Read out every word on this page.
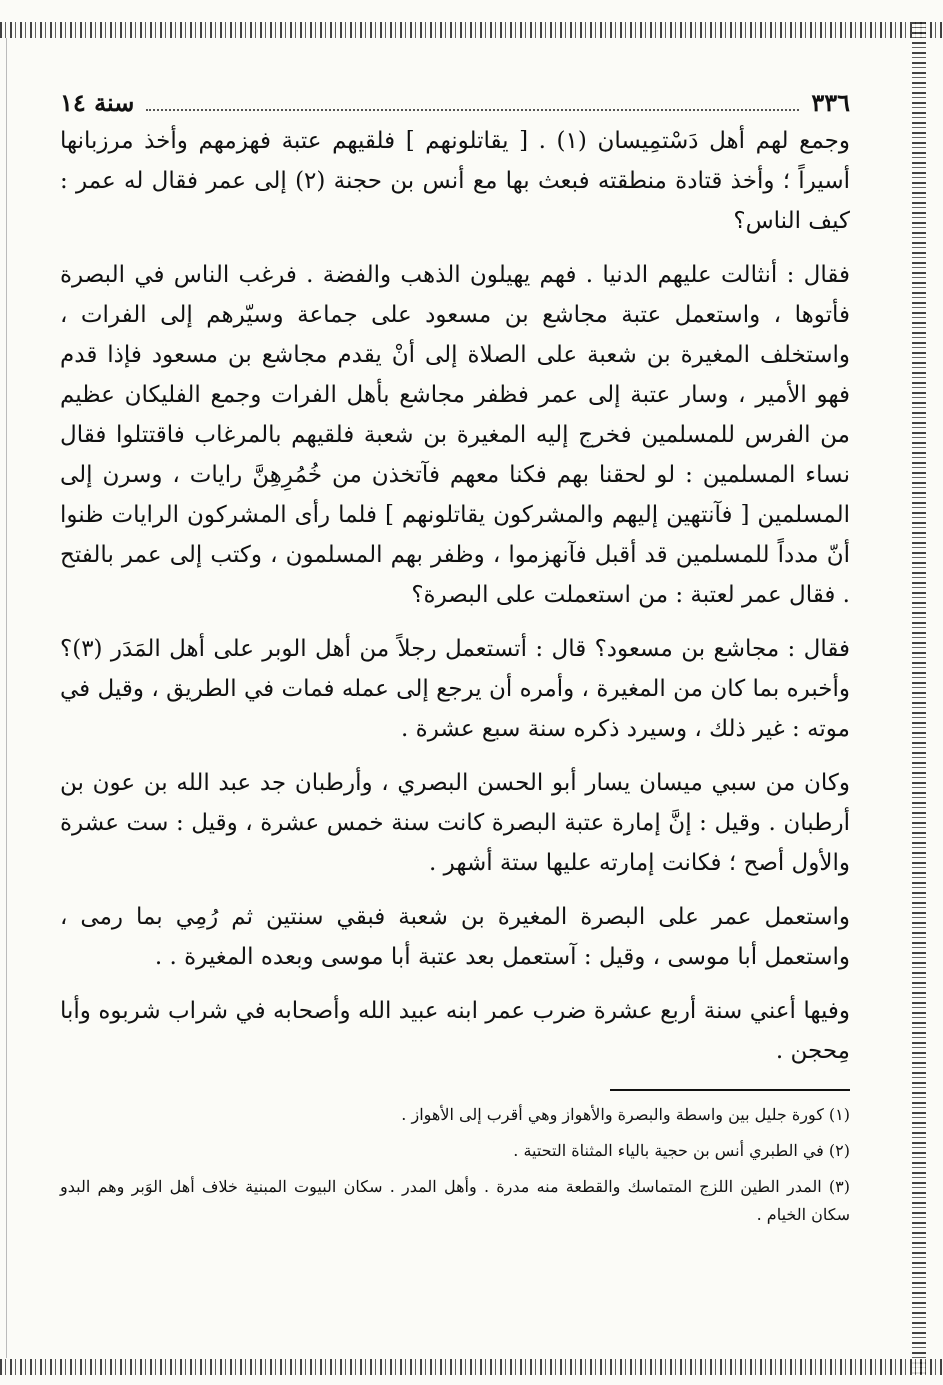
٣٣٦
سنة ١٤

وجمع لهم أهل دَسْتمِيسان (١) . [ يقاتلونهم ] فلقيهم عتبة فهزمهم وأخذ مرزبانها أسيراً ؛ وأخذ قتادة منطقته فبعث بها مع أنس بن حجنة (٢) إلى عمر فقال له عمر : كيف الناس؟

فقال : أنثالت عليهم الدنيا . فهم يهيلون الذهب والفضة . فرغب الناس في البصرة فأتوها ، واستعمل عتبة مجاشع بن مسعود على جماعة وسيّرهم إلى الفرات ، واستخلف المغيرة بن شعبة على الصلاة إلى أنْ يقدم مجاشع بن مسعود فإذا قدم فهو الأمير ، وسار عتبة إلى عمر فظفر مجاشع بأهل الفرات وجمع الفليكان عظيم من الفرس للمسلمين فخرج إليه المغيرة بن شعبة فلقيهم بالمرغاب فاقتتلوا فقال نساء المسلمين : لو لحقنا بهم فكنا معهم فآتخذن من خُمُرِهِنَّ رايات ، وسرن إلى المسلمين [ فآنتهين إليهم والمشركون يقاتلونهم ] فلما رأى المشركون الرايات ظنوا أنّ مدداً للمسلمين قد أقبل فآنهزموا ، وظفر بهم المسلمون ، وكتب إلى عمر بالفتح . فقال عمر لعتبة : من استعملت على البصرة؟

فقال : مجاشع بن مسعود؟ قال : أتستعمل رجلاً من أهل الوبر على أهل المَدَر (٣)؟ وأخبره بما كان من المغيرة ، وأمره أن يرجع إلى عمله فمات في الطريق ، وقيل في موته : غير ذلك ، وسيرد ذكره سنة سبع عشرة .

وكان من سبي ميسان يسار أبو الحسن البصري ، وأرطبان جد عبد الله بن عون بن أرطبان . وقيل : إنَّ إمارة عتبة البصرة كانت سنة خمس عشرة ، وقيل : ست عشرة والأول أصح ؛ فكانت إمارته عليها ستة أشهر .

واستعمل عمر على البصرة المغيرة بن شعبة فبقي سنتين ثم رُمِي بما رمى ، واستعمل أبا موسى ، وقيل : آستعمل بعد عتبة أبا موسى وبعده المغيرة . .

وفيها أعني سنة أربع عشرة ضرب عمر ابنه عبيد الله وأصحابه في شراب شربوه وأبا مِحجن .

(١) كورة جليل بين واسطة والبصرة والأهواز وهي أقرب إلى الأهواز .

(٢) في الطبري أنس بن حجية بالياء المثناة التحتية .

(٣) المدر الطين اللزج المتماسك والقطعة منه مدرة . وأهل المدر . سكان البيوت المبنية خلاف أهل الوَبر وهم البدو سكان الخيام .
